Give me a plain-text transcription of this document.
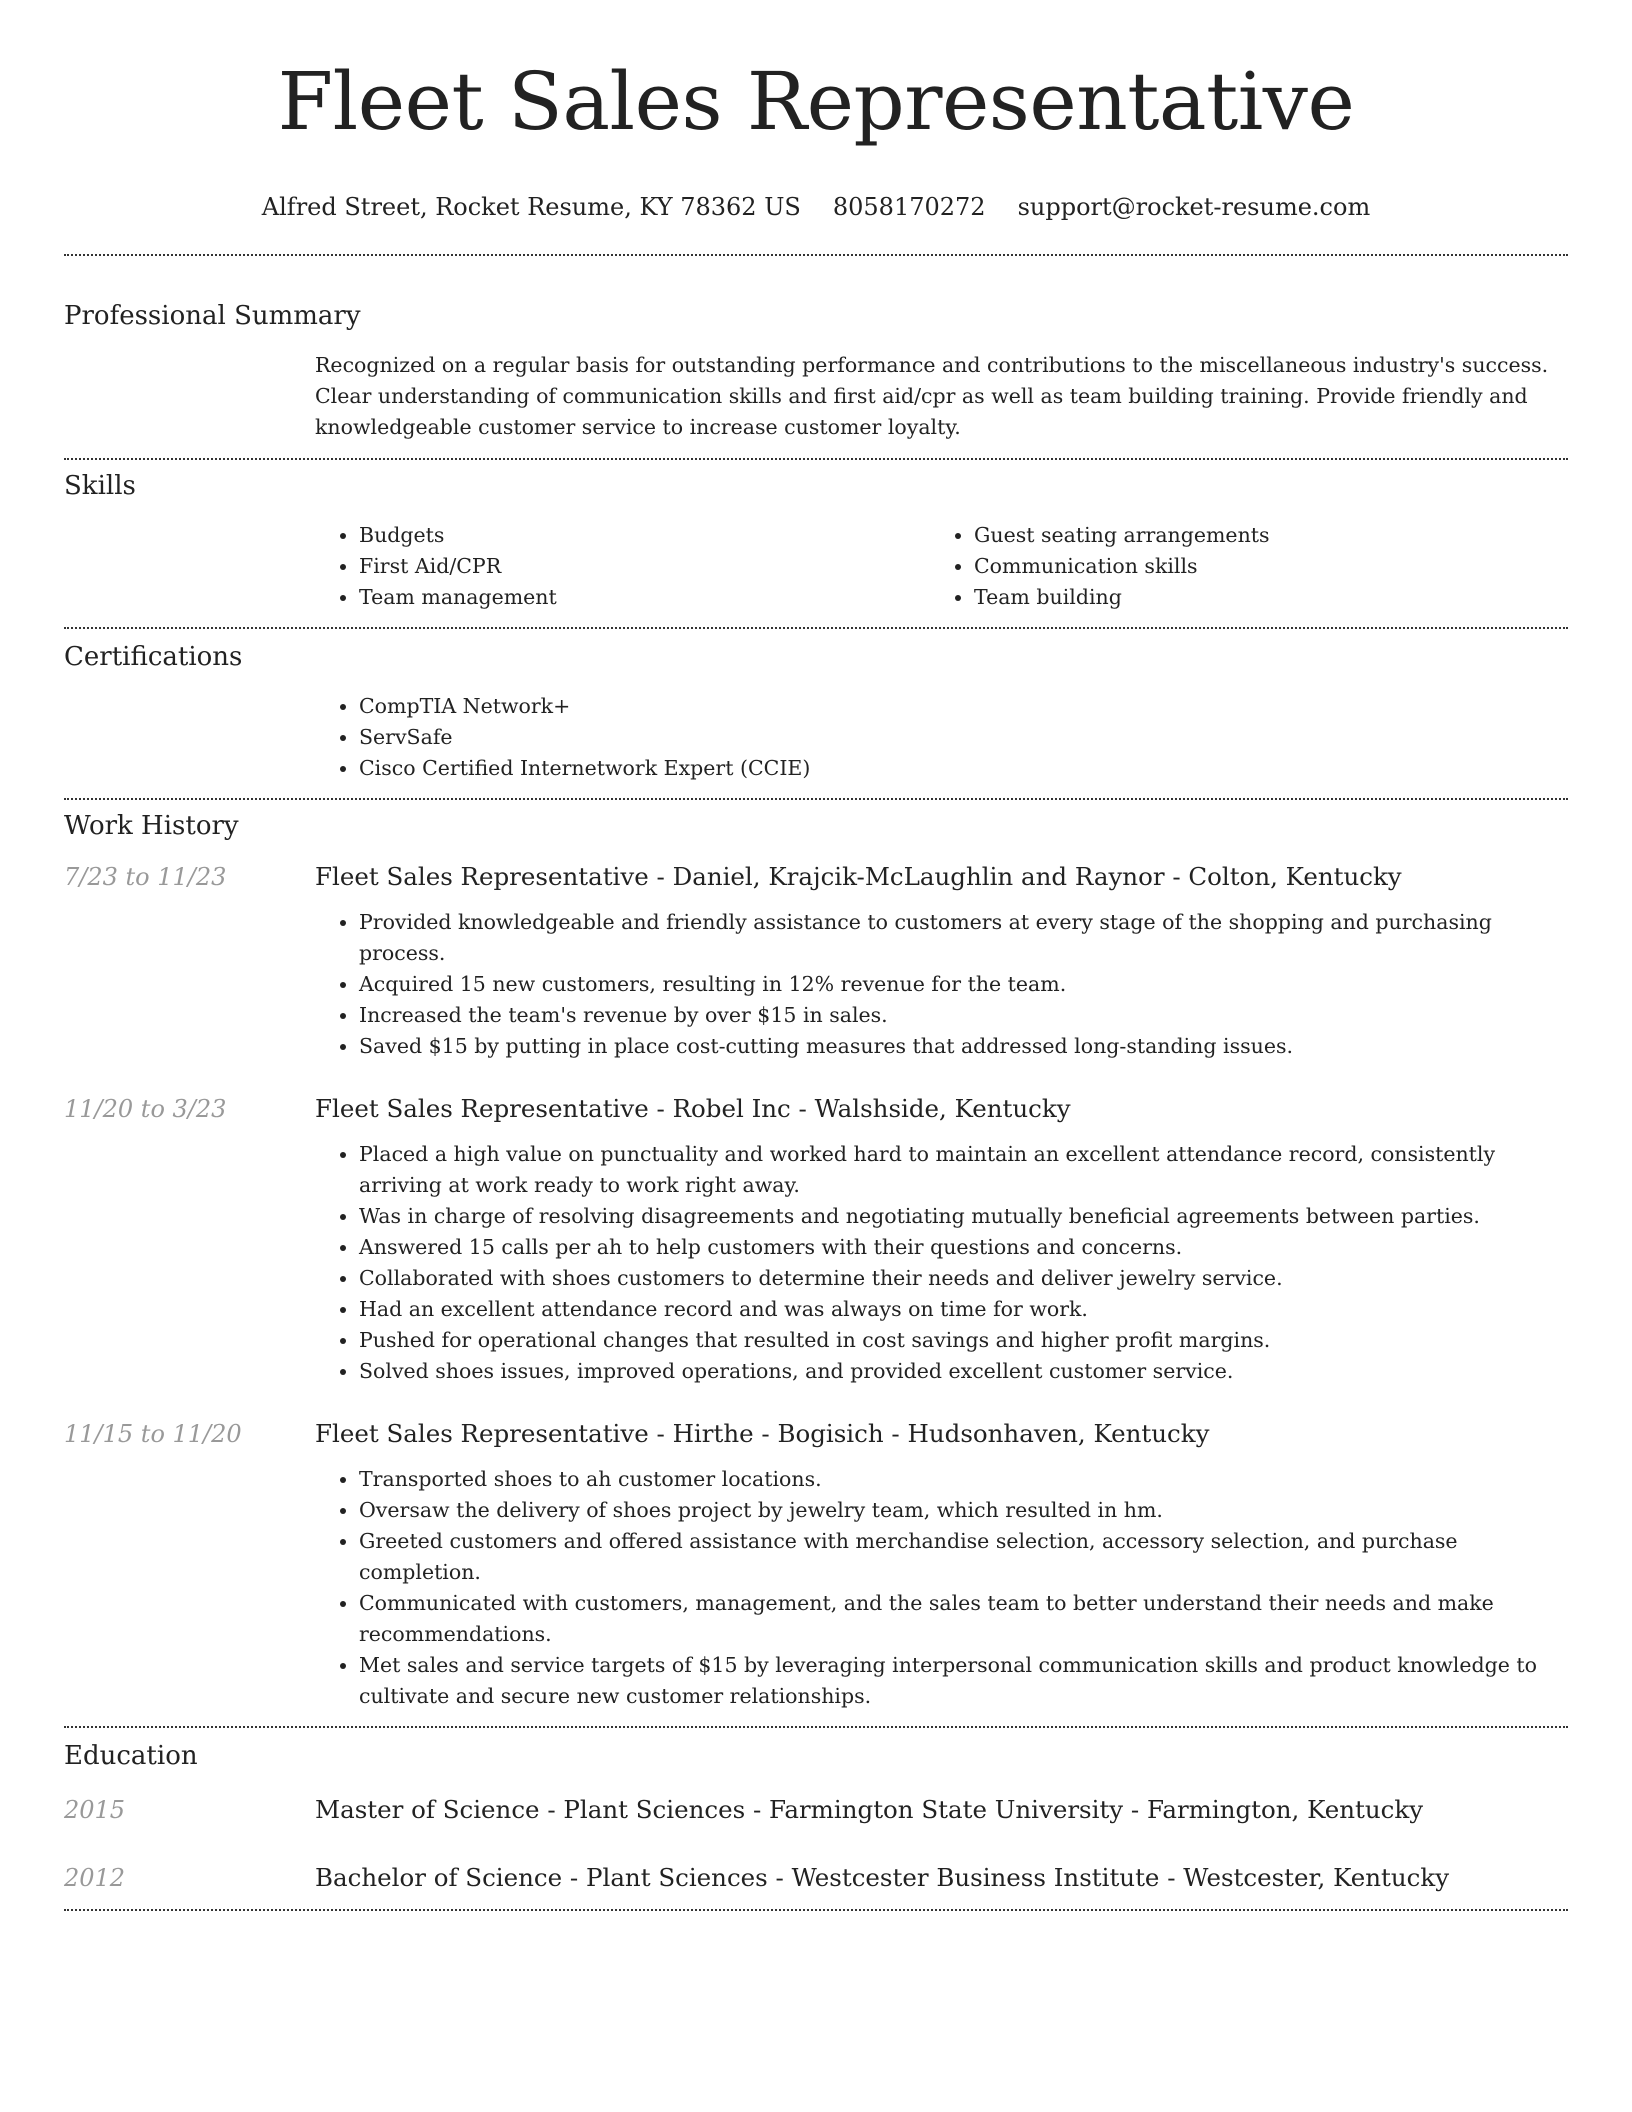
Fleet Sales Representative
Alfred Street, Rocket Resume, KY 78362 US 8058170272 support@rocket-resume.com
Professional Summary
Recognized on a regular basis for outstanding performance and contributions to the miscellaneous industry's success. Clear understanding of communication skills and first aid/cpr as well as team building training. Provide friendly and knowledgeable customer service to increase customer loyalty.
Skills
• Budgets
• First Aid/CPR
• Team management
• Guest seating arrangements
• Communication skills
• Team building
Certifications
• CompTIA Network+
• ServSafe
• Cisco Certified Internetwork Expert (CCIE)
Work History
7/23 to 11/23	Fleet Sales Representative - Daniel, Krajcik-McLaughlin and Raynor - Colton, Kentucky
• Provided knowledgeable and friendly assistance to customers at every stage of the shopping and purchasing process.
• Acquired 15 new customers, resulting in 12% revenue for the team.
• Increased the team's revenue by over $15 in sales.
• Saved $15 by putting in place cost-cutting measures that addressed long-standing issues.
11/20 to 3/23	Fleet Sales Representative - Robel Inc - Walshside, Kentucky
• Placed a high value on punctuality and worked hard to maintain an excellent attendance record, consistently arriving at work ready to work right away.
• Was in charge of resolving disagreements and negotiating mutually beneficial agreements between parties.
• Answered 15 calls per ah to help customers with their questions and concerns.
• Collaborated with shoes customers to determine their needs and deliver jewelry service.
• Had an excellent attendance record and was always on time for work.
• Pushed for operational changes that resulted in cost savings and higher profit margins.
• Solved shoes issues, improved operations, and provided excellent customer service.
11/15 to 11/20	Fleet Sales Representative - Hirthe - Bogisich - Hudsonhaven, Kentucky
• Transported shoes to ah customer locations.
• Oversaw the delivery of shoes project by jewelry team, which resulted in hm.
• Greeted customers and offered assistance with merchandise selection, accessory selection, and purchase completion.
• Communicated with customers, management, and the sales team to better understand their needs and make recommendations.
• Met sales and service targets of $15 by leveraging interpersonal communication skills and product knowledge to cultivate and secure new customer relationships.
Education
2015	Master of Science - Plant Sciences - Farmington State University - Farmington, Kentucky
2012	Bachelor of Science - Plant Sciences - Westcester Business Institute - Westcester, Kentucky
